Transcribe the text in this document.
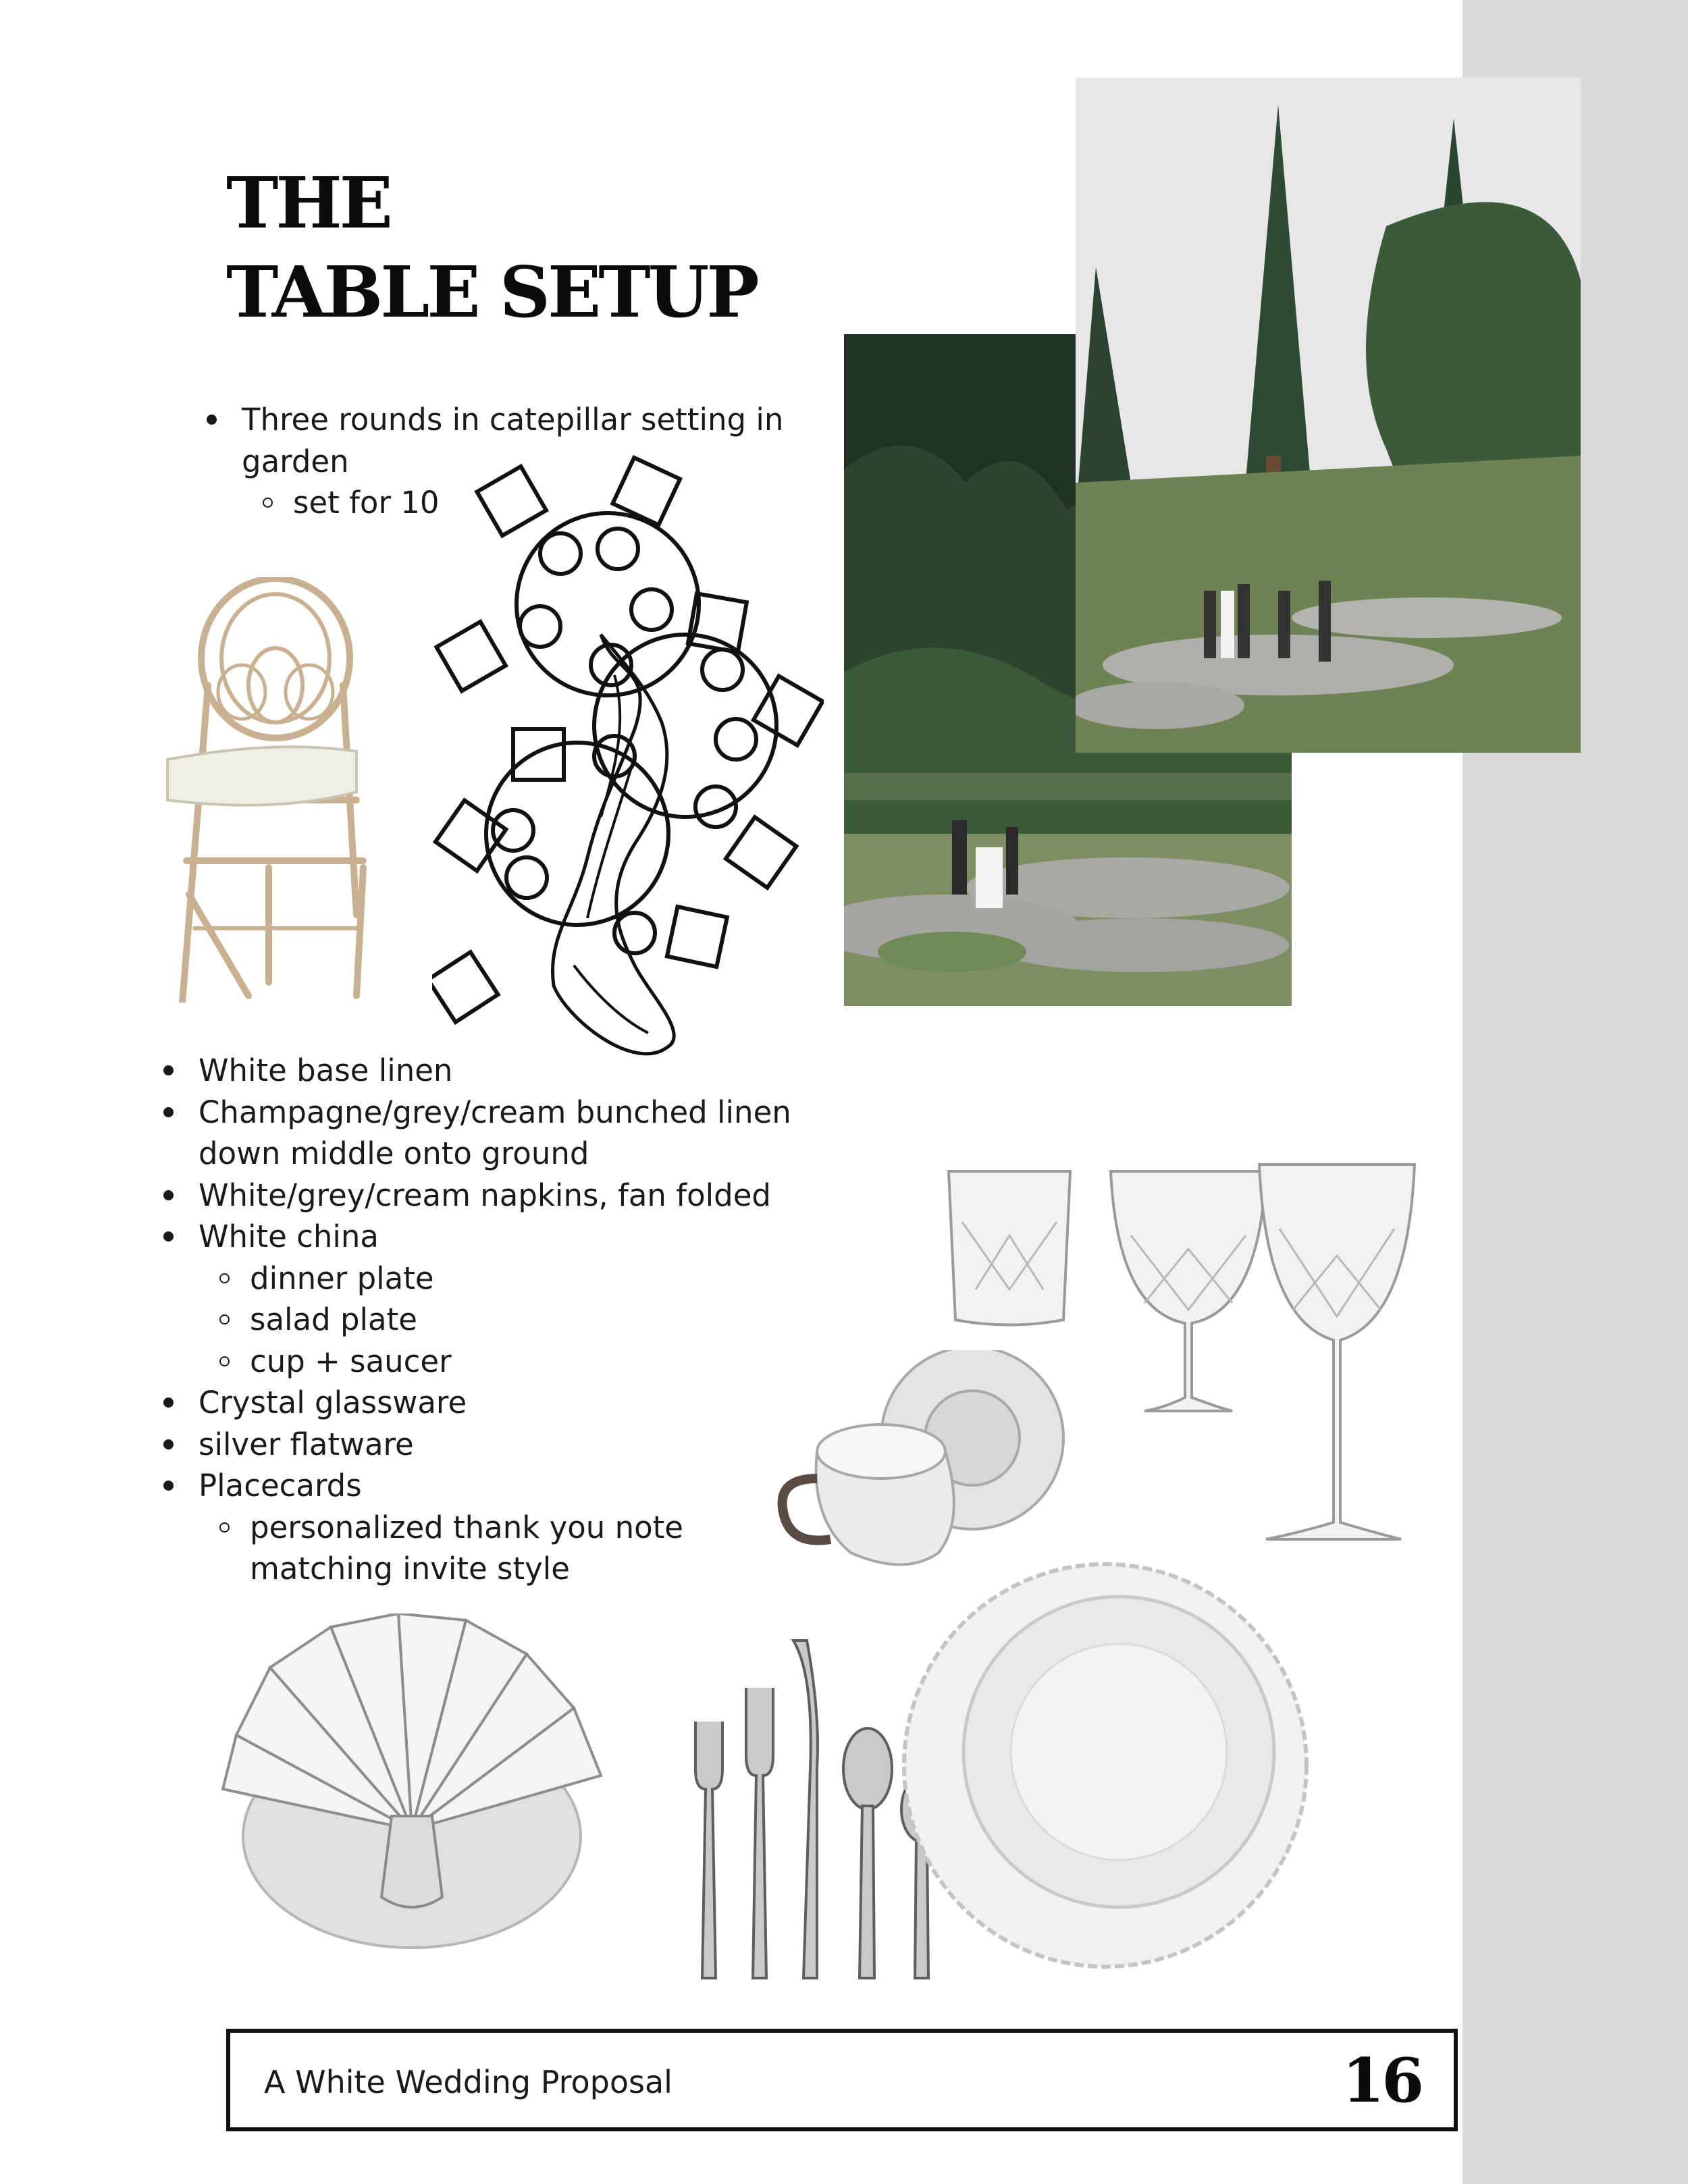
THE
TABLE SETUP
Three rounds in catepillar setting in garden
set for 10
White base linen
Champagne/grey/cream bunched linen down middle onto ground
White/grey/cream napkins, fan folded
White china
dinner plate
salad plate
cup + saucer
Crystal glassware
silver flatware
Placecards
personalized thank you note matching invite style
A White Wedding Proposal	16
